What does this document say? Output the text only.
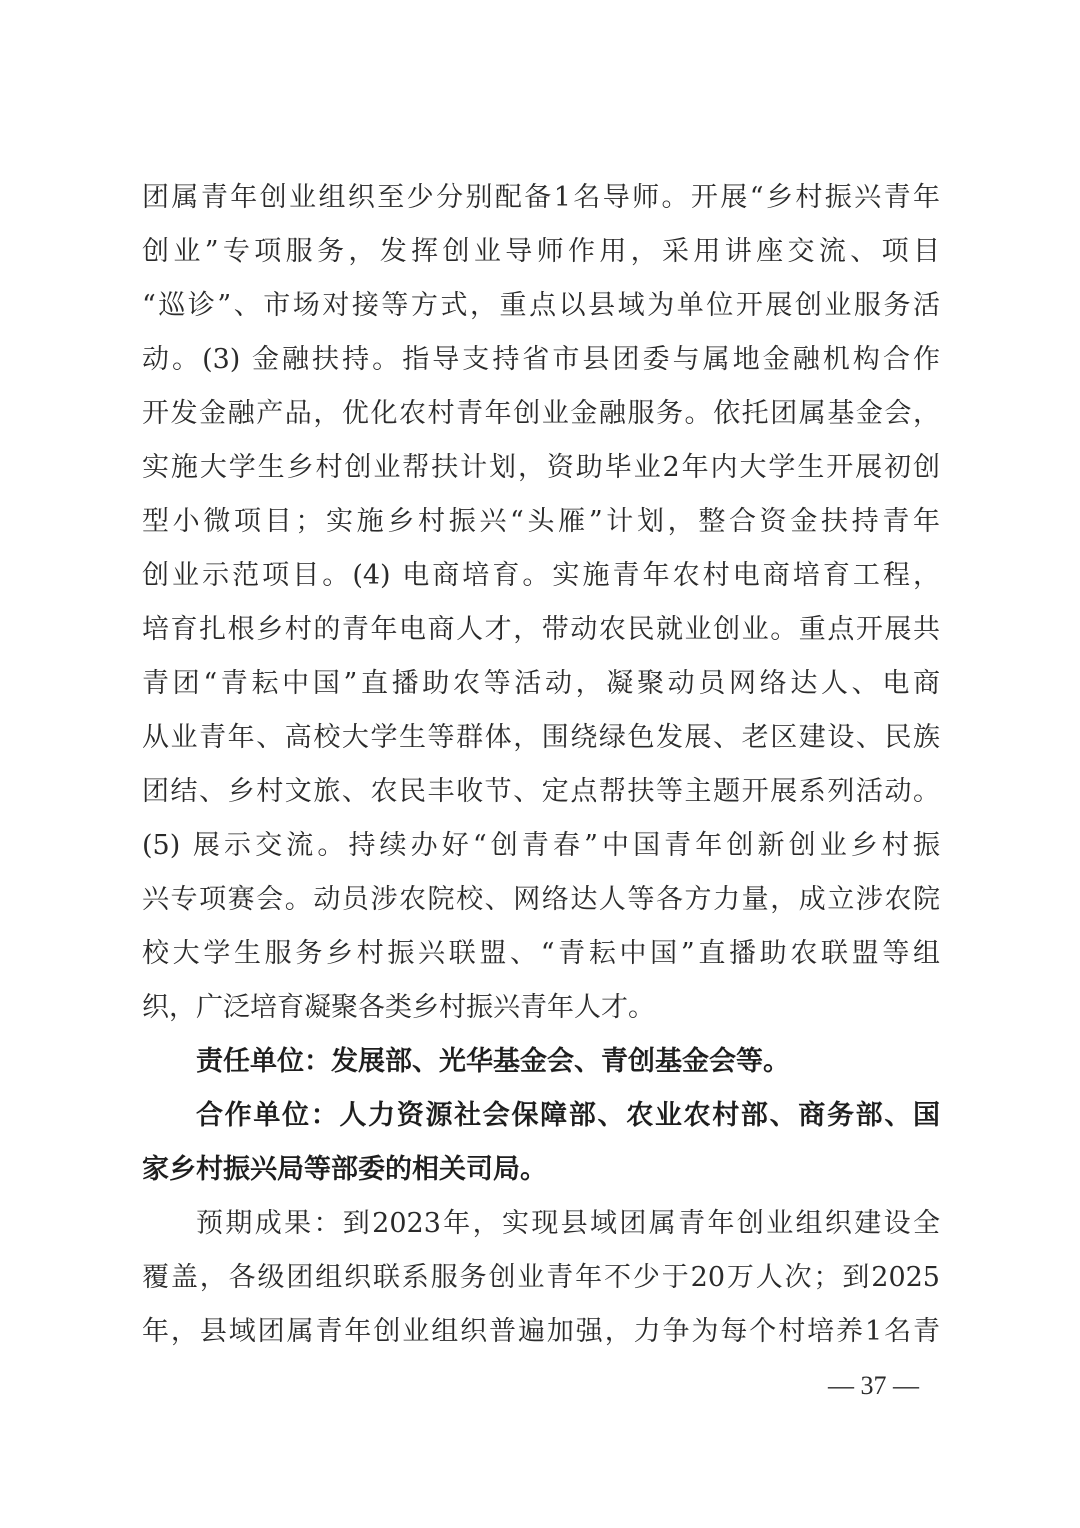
团属青年创业组织至少分别配备1名导师。开展“乡村振兴青年
创业”专项服务，发挥创业导师作用，采用讲座交流、项目
“巡诊”、市场对接等方式，重点以县域为单位开展创业服务活
动。(3) 金融扶持。指导支持省市县团委与属地金融机构合作
开发金融产品，优化农村青年创业金融服务。依托团属基金会，
实施大学生乡村创业帮扶计划，资助毕业2年内大学生开展初创
型小微项目；实施乡村振兴“头雁”计划，整合资金扶持青年
创业示范项目。(4) 电商培育。实施青年农村电商培育工程，
培育扎根乡村的青年电商人才，带动农民就业创业。重点开展共
青团“青耘中国”直播助农等活动，凝聚动员网络达人、电商
从业青年、高校大学生等群体，围绕绿色发展、老区建设、民族
团结、乡村文旅、农民丰收节、定点帮扶等主题开展系列活动。
(5) 展示交流。持续办好“创青春”中国青年创新创业乡村振
兴专项赛会。动员涉农院校、网络达人等各方力量，成立涉农院
校大学生服务乡村振兴联盟、“青耘中国”直播助农联盟等组
织，广泛培育凝聚各类乡村振兴青年人才。
责任单位：发展部、光华基金会、青创基金会等。
合作单位：人力资源社会保障部、农业农村部、商务部、国
家乡村振兴局等部委的相关司局。
预期成果：到2023年，实现县域团属青年创业组织建设全
覆盖，各级团组织联系服务创业青年不少于20万人次；到2025
年，县域团属青年创业组织普遍加强，力争为每个村培养1名青
— 37 —
